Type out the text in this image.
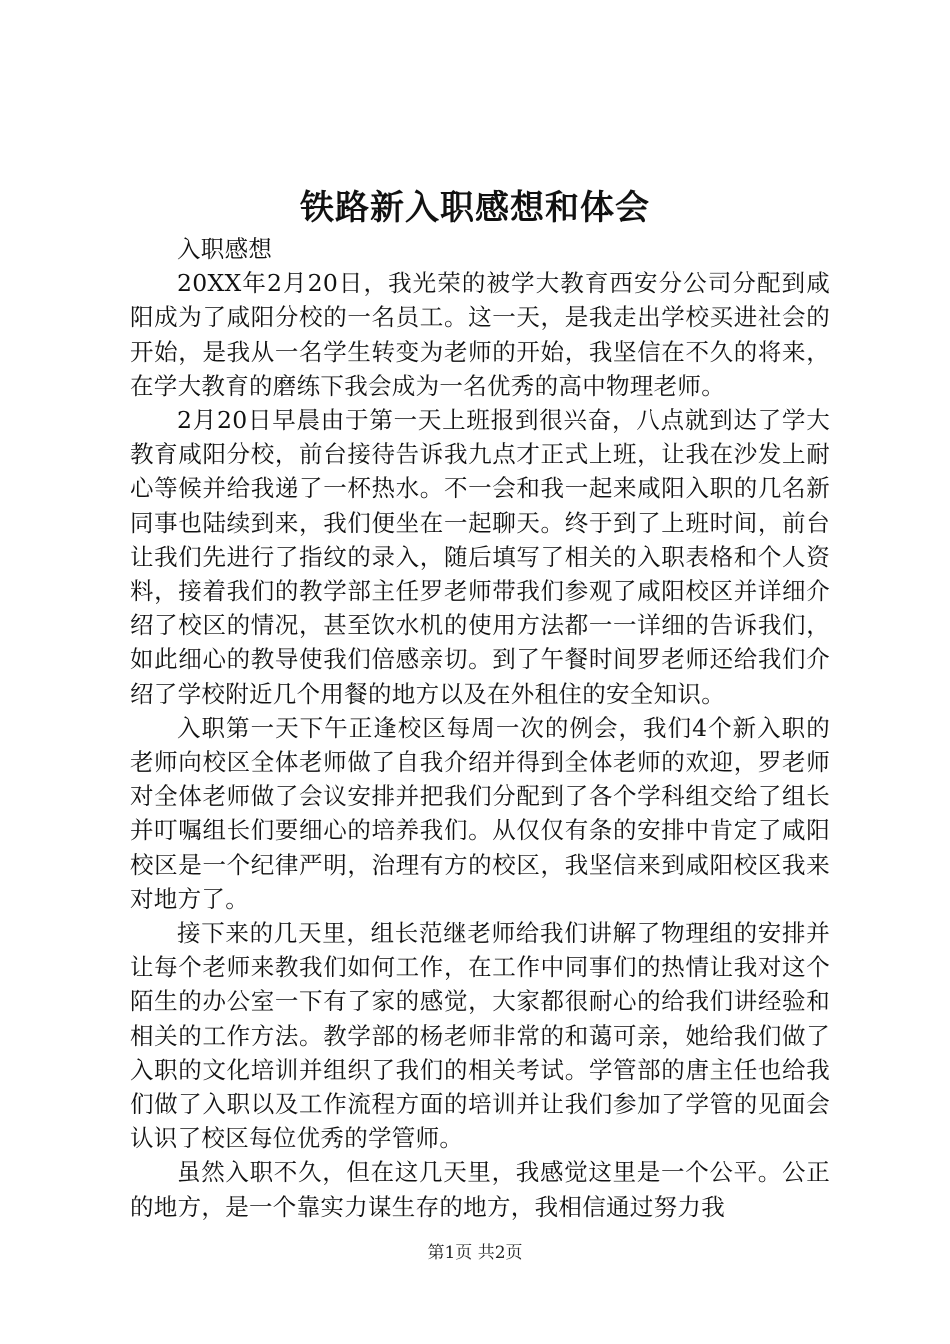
铁路新入职感想和体会

入职感想

20XX年2月20日，我光荣的被学大教育西安分公司分配到咸阳成为了咸阳分校的一名员工。这一天，是我走出学校买进社会的开始，是我从一名学生转变为老师的开始，我坚信在不久的将来，在学大教育的磨练下我会成为一名优秀的高中物理老师。

2月20日早晨由于第一天上班报到很兴奋，八点就到达了学大教育咸阳分校，前台接待告诉我九点才正式上班，让我在沙发上耐心等候并给我递了一杯热水。不一会和我一起来咸阳入职的几名新同事也陆续到来，我们便坐在一起聊天。终于到了上班时间，前台让我们先进行了指纹的录入，随后填写了相关的入职表格和个人资料，接着我们的教学部主任罗老师带我们参观了咸阳校区并详细介绍了校区的情况，甚至饮水机的使用方法都一一详细的告诉我们，如此细心的教导使我们倍感亲切。到了午餐时间罗老师还给我们介绍了学校附近几个用餐的地方以及在外租住的安全知识。

入职第一天下午正逢校区每周一次的例会，我们4个新入职的老师向校区全体老师做了自我介绍并得到全体老师的欢迎，罗老师对全体老师做了会议安排并把我们分配到了各个学科组交给了组长并叮嘱组长们要细心的培养我们。从仅仅有条的安排中肯定了咸阳校区是一个纪律严明，治理有方的校区，我坚信来到咸阳校区我来对地方了。

接下来的几天里，组长范继老师给我们讲解了物理组的安排并让每个老师来教我们如何工作，在工作中同事们的热情让我对这个陌生的办公室一下有了家的感觉，大家都很耐心的给我们讲经验和相关的工作方法。教学部的杨老师非常的和蔼可亲，她给我们做了入职的文化培训并组织了我们的相关考试。学管部的唐主任也给我们做了入职以及工作流程方面的培训并让我们参加了学管的见面会认识了校区每位优秀的学管师。

虽然入职不久，但在这几天里，我感觉这里是一个公平。公正的地方，是一个靠实力谋生存的地方，我相信通过努力我

第1页 共2页
